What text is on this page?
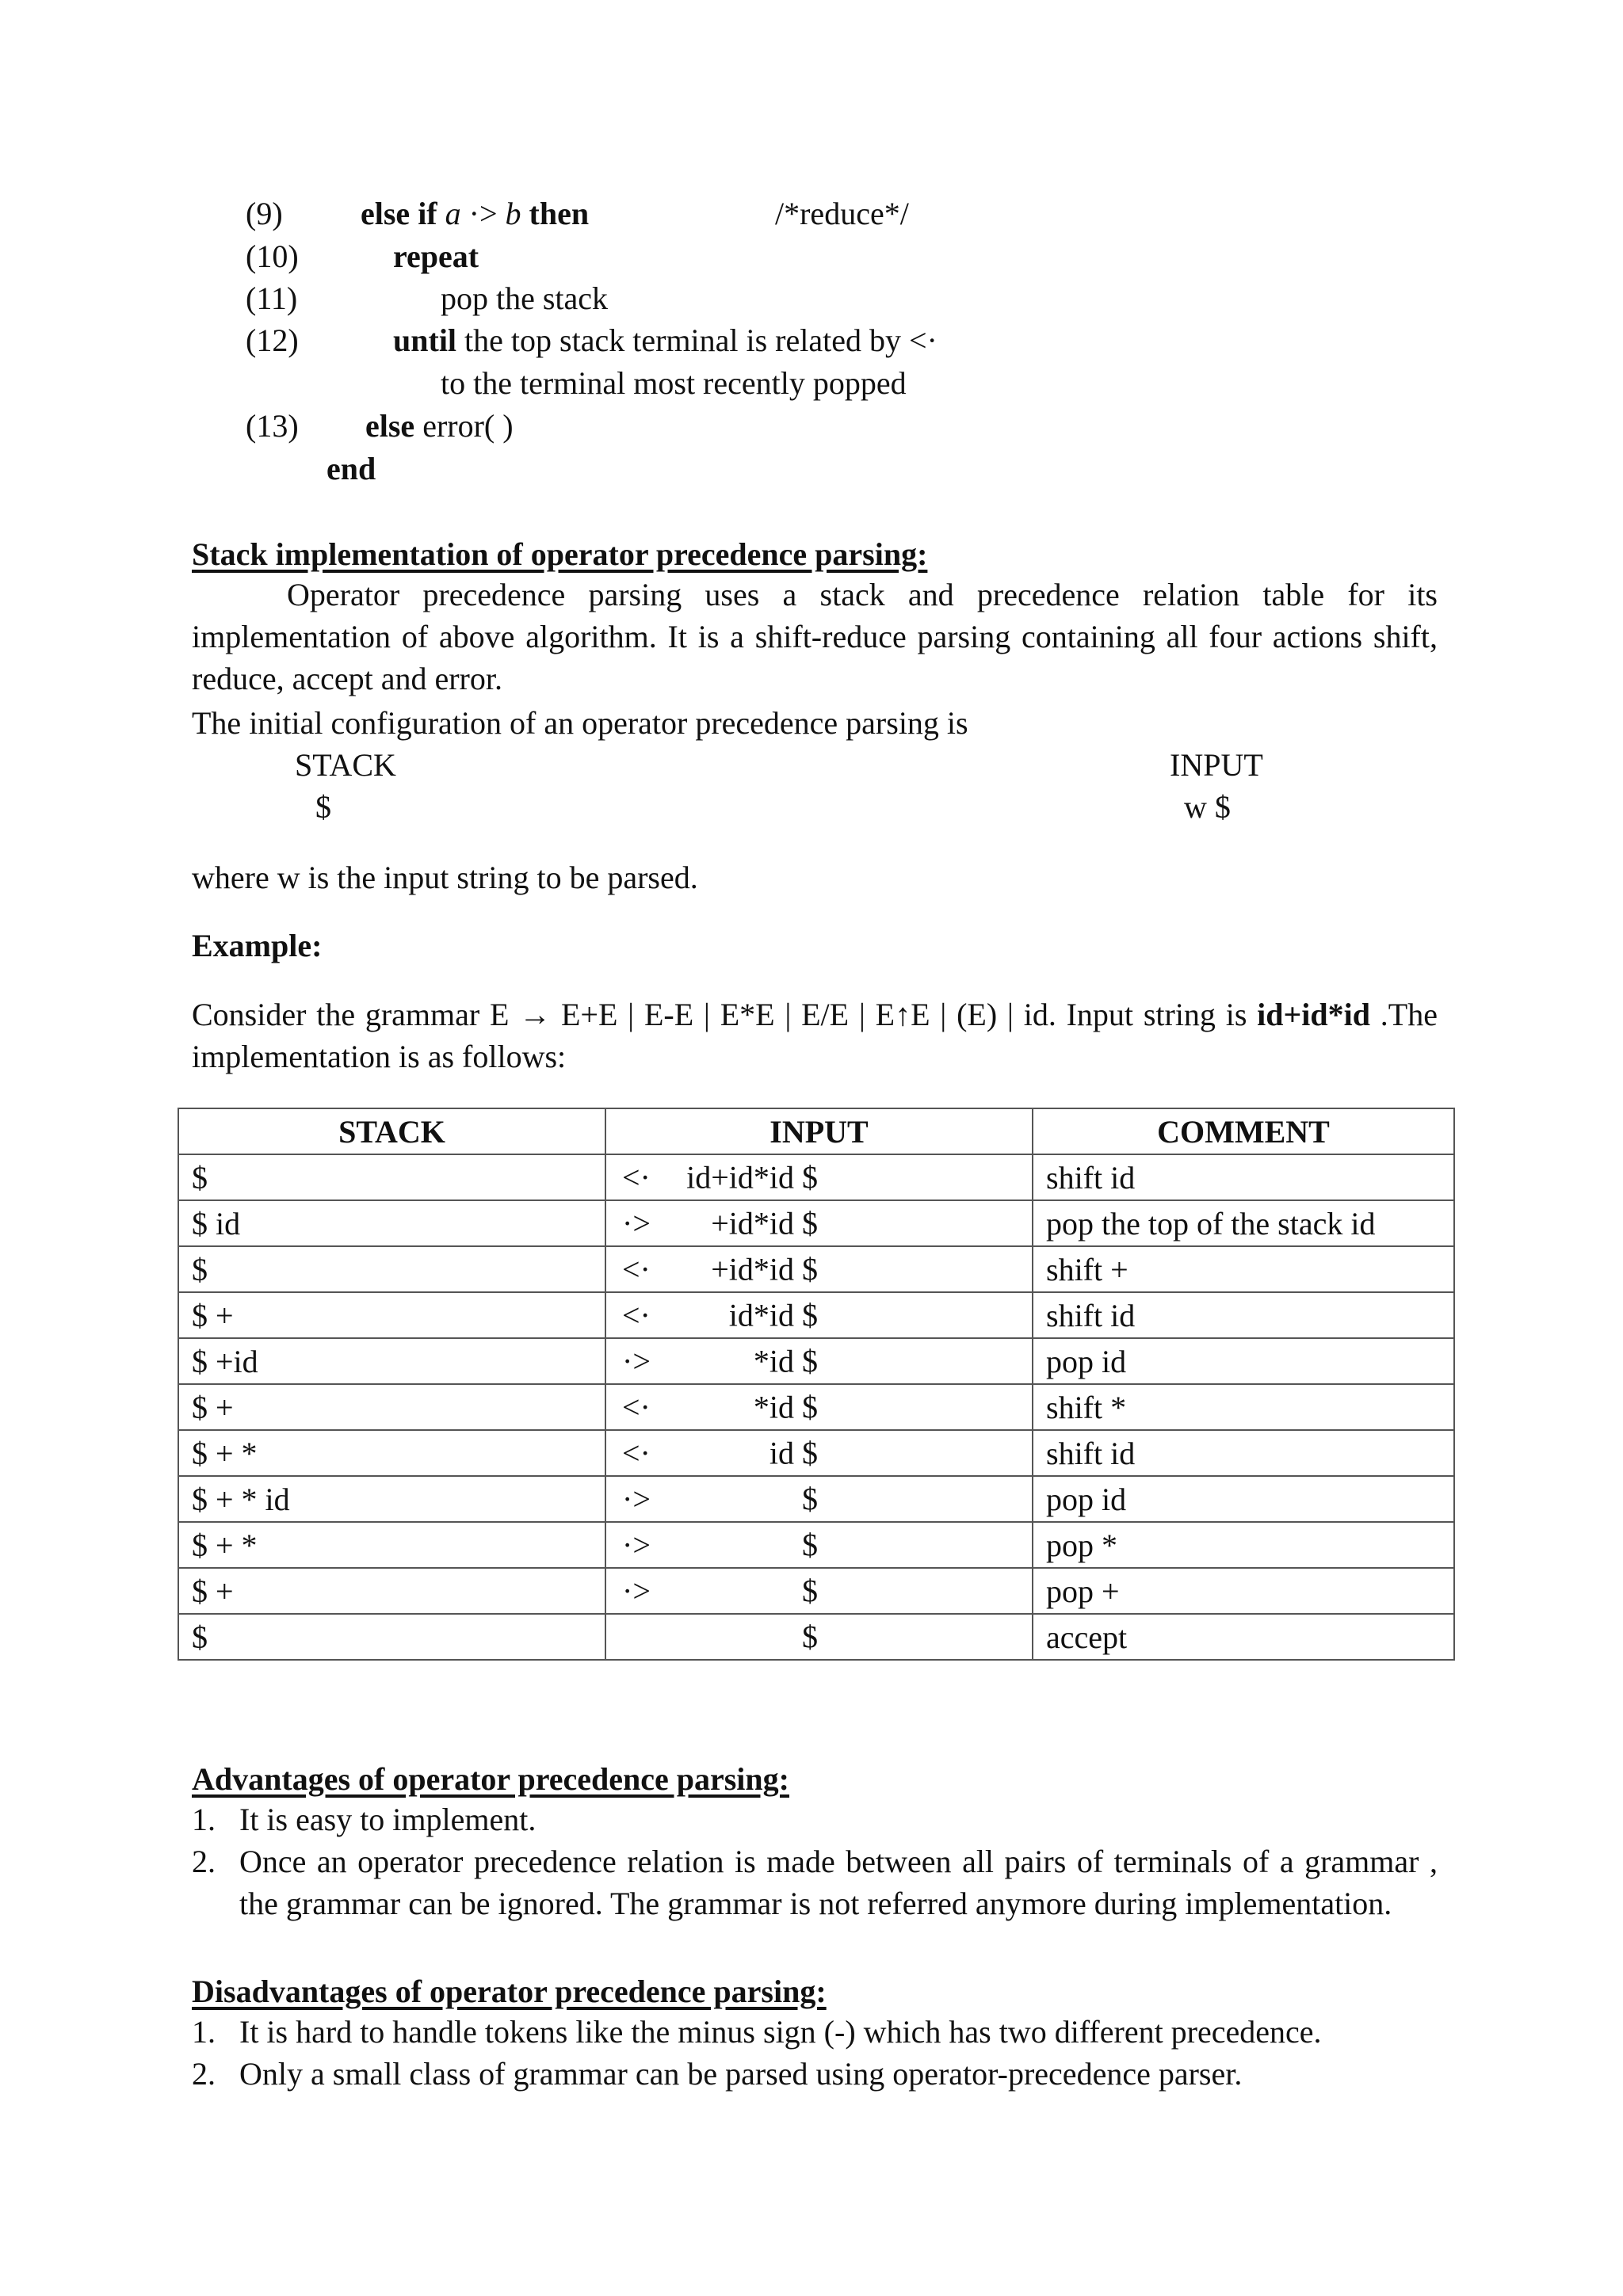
(9) else if a ·> b then	/*reduce*/
(10)	repeat
(11)	pop the stack
(12)	until the top stack terminal is related by <·
to the terminal most recently popped
(13) else error( )
end
Stack implementation of operator precedence parsing:
Operator precedence parsing uses a stack and precedence relation table for its implementation of above algorithm. It is a shift-reduce parsing containing all four actions shift, reduce, accept and error.
The initial configuration of an operator precedence parsing is
STACK	INPUT
$	w $
where w is the input string to be parsed.
Example:
Consider the grammar E → E+E | E-E | E*E | E/E | E↑E | (E) | id. Input string is id+id*id .The implementation is as follows:
STACK	INPUT	COMMENT
$	<· id+id*id $	shift id
$ id	·> +id*id $	pop the top of the stack id
$	<· +id*id $	shift +
$ +	<· id*id $	shift id
$ +id	·> *id $	pop id
$ +	<· *id $	shift *
$ + *	<· id $	shift id
$ + * id	·> $	pop id
$ + *	·> $	pop *
$ +	·> $	pop +
$	$	accept
Advantages of operator precedence parsing:
1. It is easy to implement.
2. Once an operator precedence relation is made between all pairs of terminals of a grammar , the grammar can be ignored. The grammar is not referred anymore during implementation.
Disadvantages of operator precedence parsing:
1. It is hard to handle tokens like the minus sign (-) which has two different precedence.
2. Only a small class of grammar can be parsed using operator-precedence parser.
